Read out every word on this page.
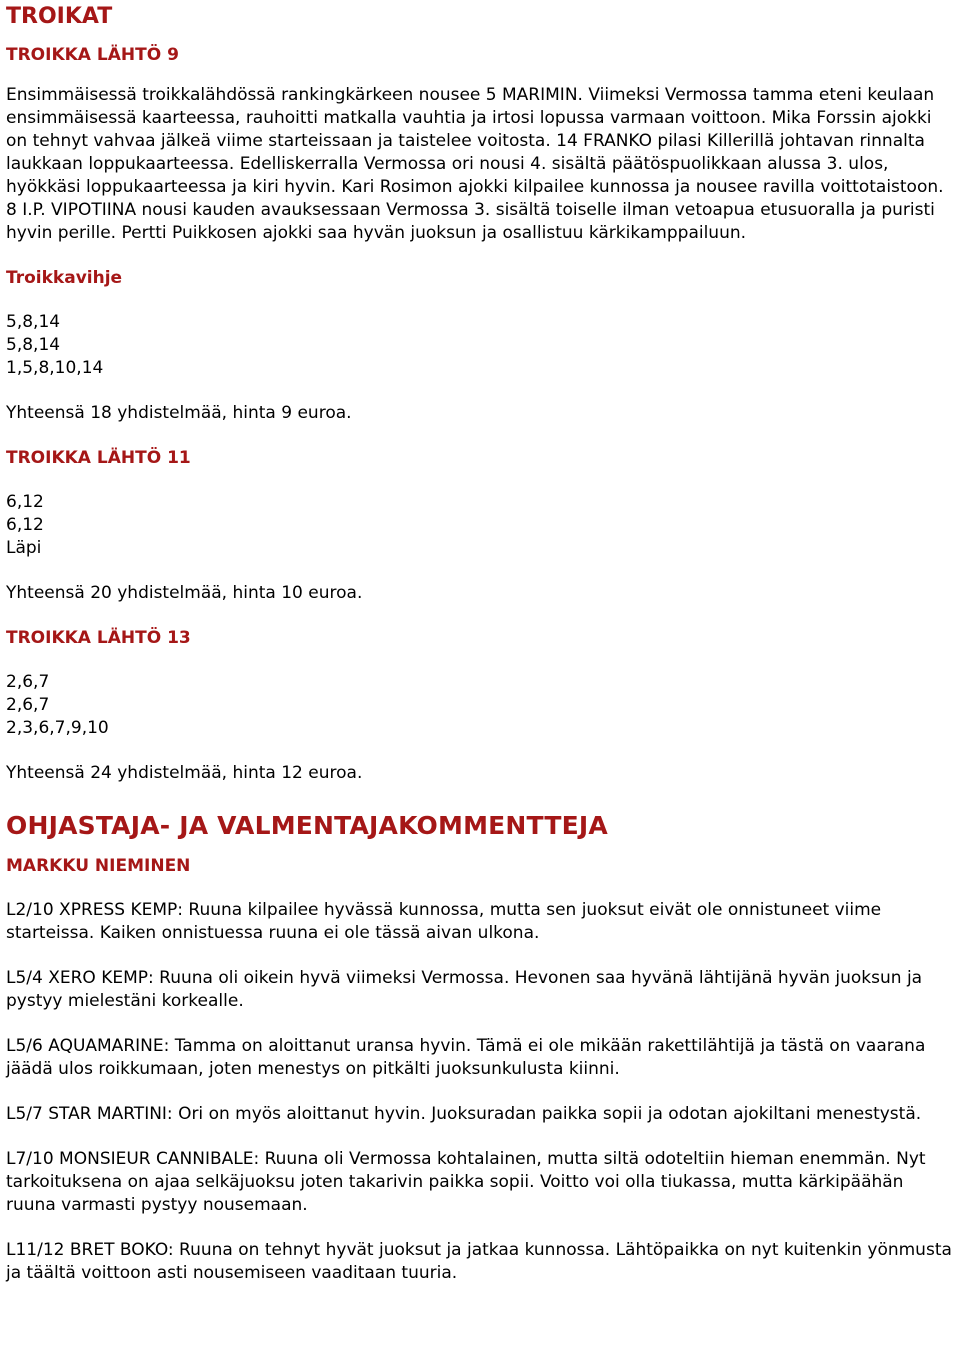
TROIKAT
TROIKKA LÄHTÖ 9

Ensimmäisessä troikkalähdössä rankingkärkeen nousee 5 MARIMIN. Viimeksi Vermossa tamma eteni keulaan ensimmäisessä kaarteessa, rauhoitti matkalla vauhtia ja irtosi lopussa varmaan voittoon. Mika Forssin ajokki on tehnyt vahvaa jälkeä viime starteissaan ja taistelee voitosta. 14 FRANKO pilasi Killerillä johtavan rinnalta laukkaan loppukaarteessa. Edelliskerralla Vermossa ori nousi 4. sisältä päätöspuolikkaan alussa 3. ulos, hyökkäsi loppukaarteessa ja kiri hyvin. Kari Rosimon ajokki kilpailee kunnossa ja nousee ravilla voittotaistoon. 8 I.P. VIPOTIINA nousi kauden avauksessaan Vermossa 3. sisältä toiselle ilman vetoapua etusuoralla ja puristi hyvin perille. Pertti Puikkosen ajokki saa hyvän juoksun ja osallistuu kärkikamppailuun.

Troikkavihje
5,8,14
5,8,14
1,5,8,10,14

Yhteensä 18 yhdistelmää, hinta 9 euroa.

TROIKKA LÄHTÖ 11
6,12
6,12
Läpi

Yhteensä 20 yhdistelmää, hinta 10 euroa.

TROIKKA LÄHTÖ 13
2,6,7
2,6,7
2,3,6,7,9,10

Yhteensä 24 yhdistelmää, hinta 12 euroa.

OHJASTAJA- JA VALMENTAJAKOMMENTTEJA
MARKKU NIEMINEN

L2/10 XPRESS KEMP: Ruuna kilpailee hyvässä kunnossa, mutta sen juoksut eivät ole onnistuneet viime starteissa. Kaiken onnistuessa ruuna ei ole tässä aivan ulkona.

L5/4 XERO KEMP: Ruuna oli oikein hyvä viimeksi Vermossa. Hevonen saa hyvänä lähtijänä hyvän juoksun ja pystyy mielestäni korkealle.

L5/6 AQUAMARINE: Tamma on aloittanut uransa hyvin. Tämä ei ole mikään rakettilähtijä ja tästä on vaarana jäädä ulos roikkumaan, joten menestys on pitkälti juoksunkulusta kiinni.

L5/7 STAR MARTINI: Ori on myös aloittanut hyvin. Juoksuradan paikka sopii ja odotan ajokiltani menestystä.

L7/10 MONSIEUR CANNIBALE: Ruuna oli Vermossa kohtalainen, mutta siltä odoteltiin hieman enemmän. Nyt tarkoituksena on ajaa selkäjuoksu joten takarivin paikka sopii. Voitto voi olla tiukassa, mutta kärkipäähän ruuna varmasti pystyy nousemaan.

L11/12 BRET BOKO: Ruuna on tehnyt hyvät juoksut ja jatkaa kunnossa. Lähtöpaikka on nyt kuitenkin yönmusta ja täältä voittoon asti nousemiseen vaaditaan tuuria.
